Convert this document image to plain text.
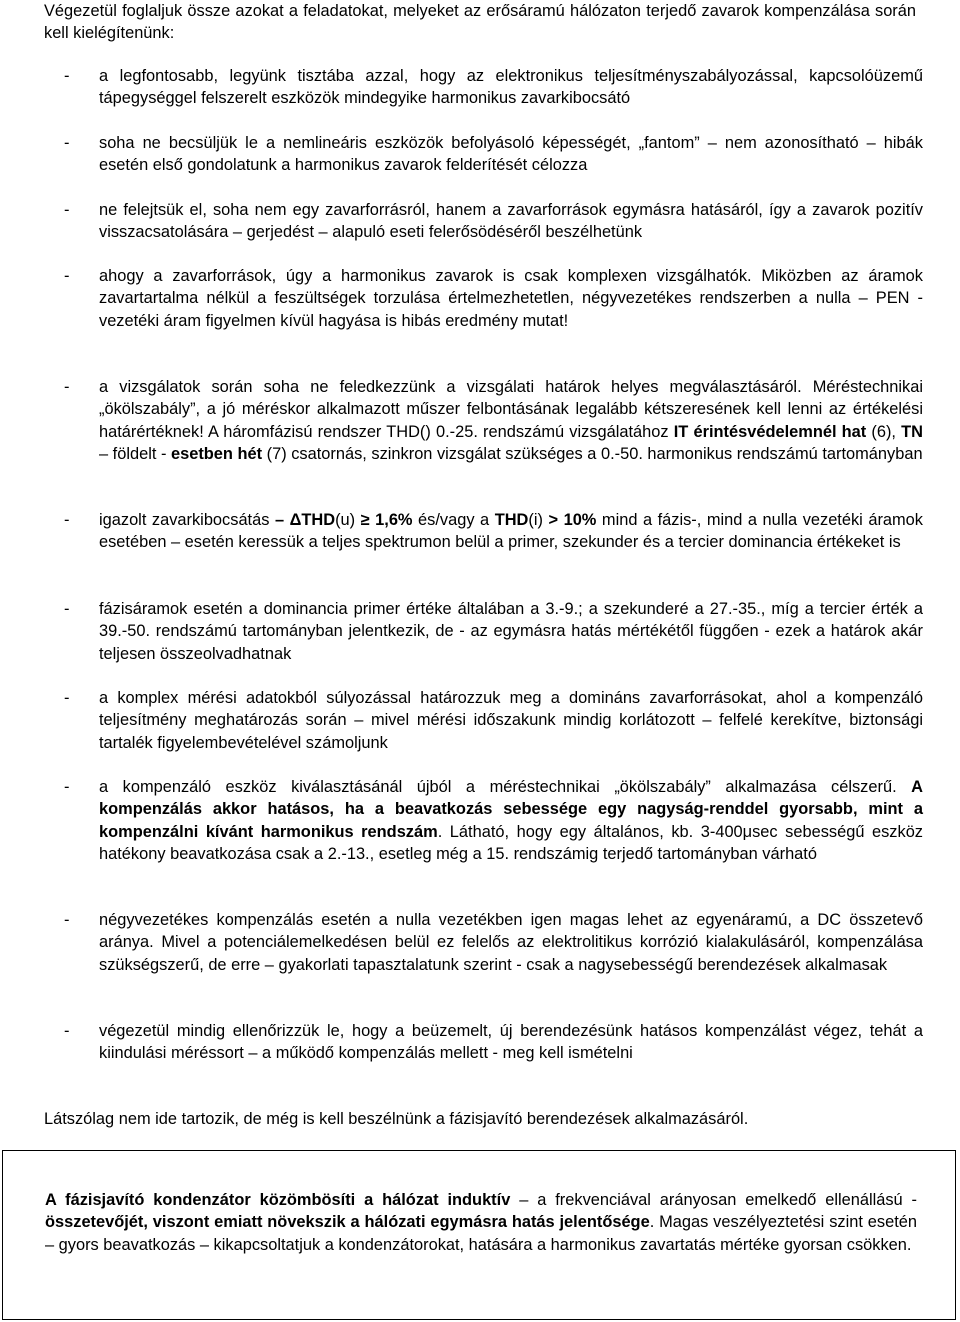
Végezetül foglaljuk össze azokat a feladatokat, melyeket az erősáramú hálózaton terjedő zavarok kompenzálása során kell kielégítenünk:
- a legfontosabb, legyünk tisztába azzal, hogy az elektronikus teljesítményszabályozással, kapcsolóüzemű tápegységgel felszerelt eszközök mindegyike harmonikus zavarkibocsátó

- soha ne becsüljük le a nemlineáris eszközök befolyásoló képességét, „fantom” – nem azonosítható – hibák esetén első gondolatunk a harmonikus zavarok felderítését célozza

- ne felejtsük el, soha nem egy zavarforrásról, hanem a zavarforrások egymásra hatásáról, így a zavarok pozitív visszacsatolására – gerjedést – alapuló eseti felerősödéséről beszélhetünk

- ahogy a zavarforrások, úgy a harmonikus zavarok is csak komplexen vizsgálhatók. Miközben az áramok zavartartalma nélkül a feszültségek torzulása értelmezhetetlen, négyvezetékes rendszerben a nulla – PEN - vezetéki áram figyelmen kívül hagyása is hibás eredmény mutat!

- a vizsgálatok során soha ne feledkezzünk a vizsgálati határok helyes megválasztásáról. Méréstechnikai „ökölszabály”, a jó méréskor alkalmazott műszer felbontásának legalább kétszeresének kell lenni az értékelési határértéknek! A háromfázisú rendszer THD() 0.-25. rendszámú vizsgálatához IT érintésvédelemnél hat (6), TN – földelt - esetben hét (7) csatornás, szinkron vizsgálat szükséges a 0.-50. harmonikus rendszámú tartományban

- igazolt zavarkibocsátás – ΔTHD(u) ≥ 1,6% és/vagy a THD(i) > 10% mind a fázis-, mind a nulla vezetéki áramok esetében – esetén keressük a teljes spektrumon belül a primer, szekunder és a tercier dominancia értékeket is

- fázisáramok esetén a dominancia primer értéke általában a 3.-9.; a szekunderé a 27.-35., míg a tercier érték a 39.-50. rendszámú tartományban jelentkezik, de - az egymásra hatás mértékétől függően - ezek a határok akár teljesen összeolvadhatnak

- a komplex mérési adatokból súlyozással határozzuk meg a domináns zavarforrásokat, ahol a kompenzáló teljesítmény meghatározás során – mivel mérési időszakunk mindig korlátozott – felfelé kerekítve, biztonsági tartalék figyelembevételével számoljunk

- a kompenzáló eszköz kiválasztásánál újból a méréstechnikai „ökölszabály” alkalmazása célszerű. A kompenzálás akkor hatásos, ha a beavatkozás sebessége egy nagyság-renddel gyorsabb, mint a kompenzálni kívánt harmonikus rendszám. Látható, hogy egy általános, kb. 3-400μsec sebességű eszköz hatékony beavatkozása csak a 2.-13., esetleg még a 15. rendszámig terjedő tartományban várható

- négyvezetékes kompenzálás esetén a nulla vezetékben igen magas lehet az egyenáramú, a DC összetevő aránya. Mivel a potenciálemelkedésen belül ez felelős az elektrolitikus korrózió kialakulásáról, kompenzálása szükségszerű, de erre – gyakorlati tapasztalatunk szerint - csak a nagysebességű berendezések alkalmasak

- végezetül mindig ellenőrizzük le, hogy a beüzemelt, új berendezésünk hatásos kompenzálást végez, tehát a kiindulási méréssort – a működő kompenzálás mellett - meg kell ismételni

Látszólag nem ide tartozik, de még is kell beszélnünk a fázisjavító berendezések alkalmazásáról.

A fázisjavító kondenzátor közömbösíti a hálózat induktív – a frekvenciával arányosan emelkedő ellenállású - összetevőjét, viszont emiatt növekszik a hálózati egymásra hatás jelentősége. Magas veszélyeztetési szint esetén – gyors beavatkozás – kikapcsoltatjuk a kondenzátorokat, hatására a harmonikus zavartatás mértéke gyorsan csökken.
